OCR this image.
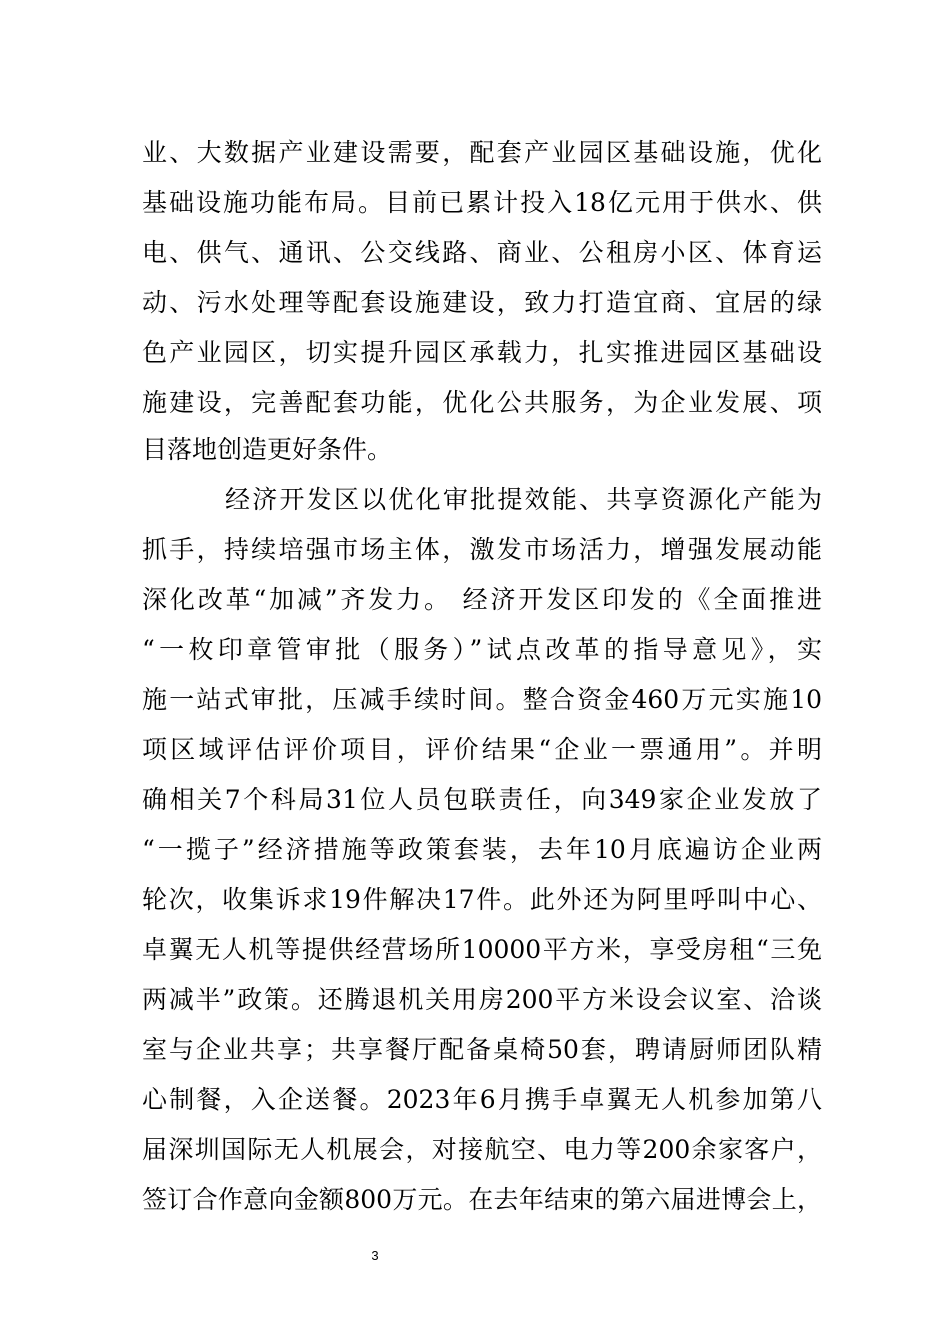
业、大数据产业建设需要，配套产业园区基础设施，优化
基础设施功能布局。目前已累计投入18亿元用于供水、供
电、供气、通讯、公交线路、商业、公租房小区、体育运
动、污水处理等配套设施建设，致力打造宜商、宜居的绿
色产业园区，切实提升园区承载力，扎实推进园区基础设
施建设，完善配套功能，优化公共服务，为企业发展、项
目落地创造更好条件。
经济开发区以优化审批提效能、共享资源化产能为
抓手，持续培强市场主体，激发市场活力，增强发展动能
深化改革“加减”齐发力。 经济开发区印发的《全面推进
“一枚印章管审批（服务）”试点改革的指导意见》，实
施一站式审批，压减手续时间。整合资金460万元实施10
项区域评估评价项目，评价结果“企业一票通用”。并明
确相关7个科局31位人员包联责任，向349家企业发放了
“一揽子”经济措施等政策套装，去年10月底遍访企业两
轮次，收集诉求19件解决17件。此外还为阿里呼叫中心、
卓翼无人机等提供经营场所10000平方米，享受房租“三免
两减半”政策。还腾退机关用房200平方米设会议室、洽谈
室与企业共享；共享餐厅配备桌椅50套，聘请厨师团队精
心制餐，入企送餐。2023年6月携手卓翼无人机参加第八
届深圳国际无人机展会，对接航空、电力等200余家客户，
签订合作意向金额800万元。在去年结束的第六届进博会上，
3
